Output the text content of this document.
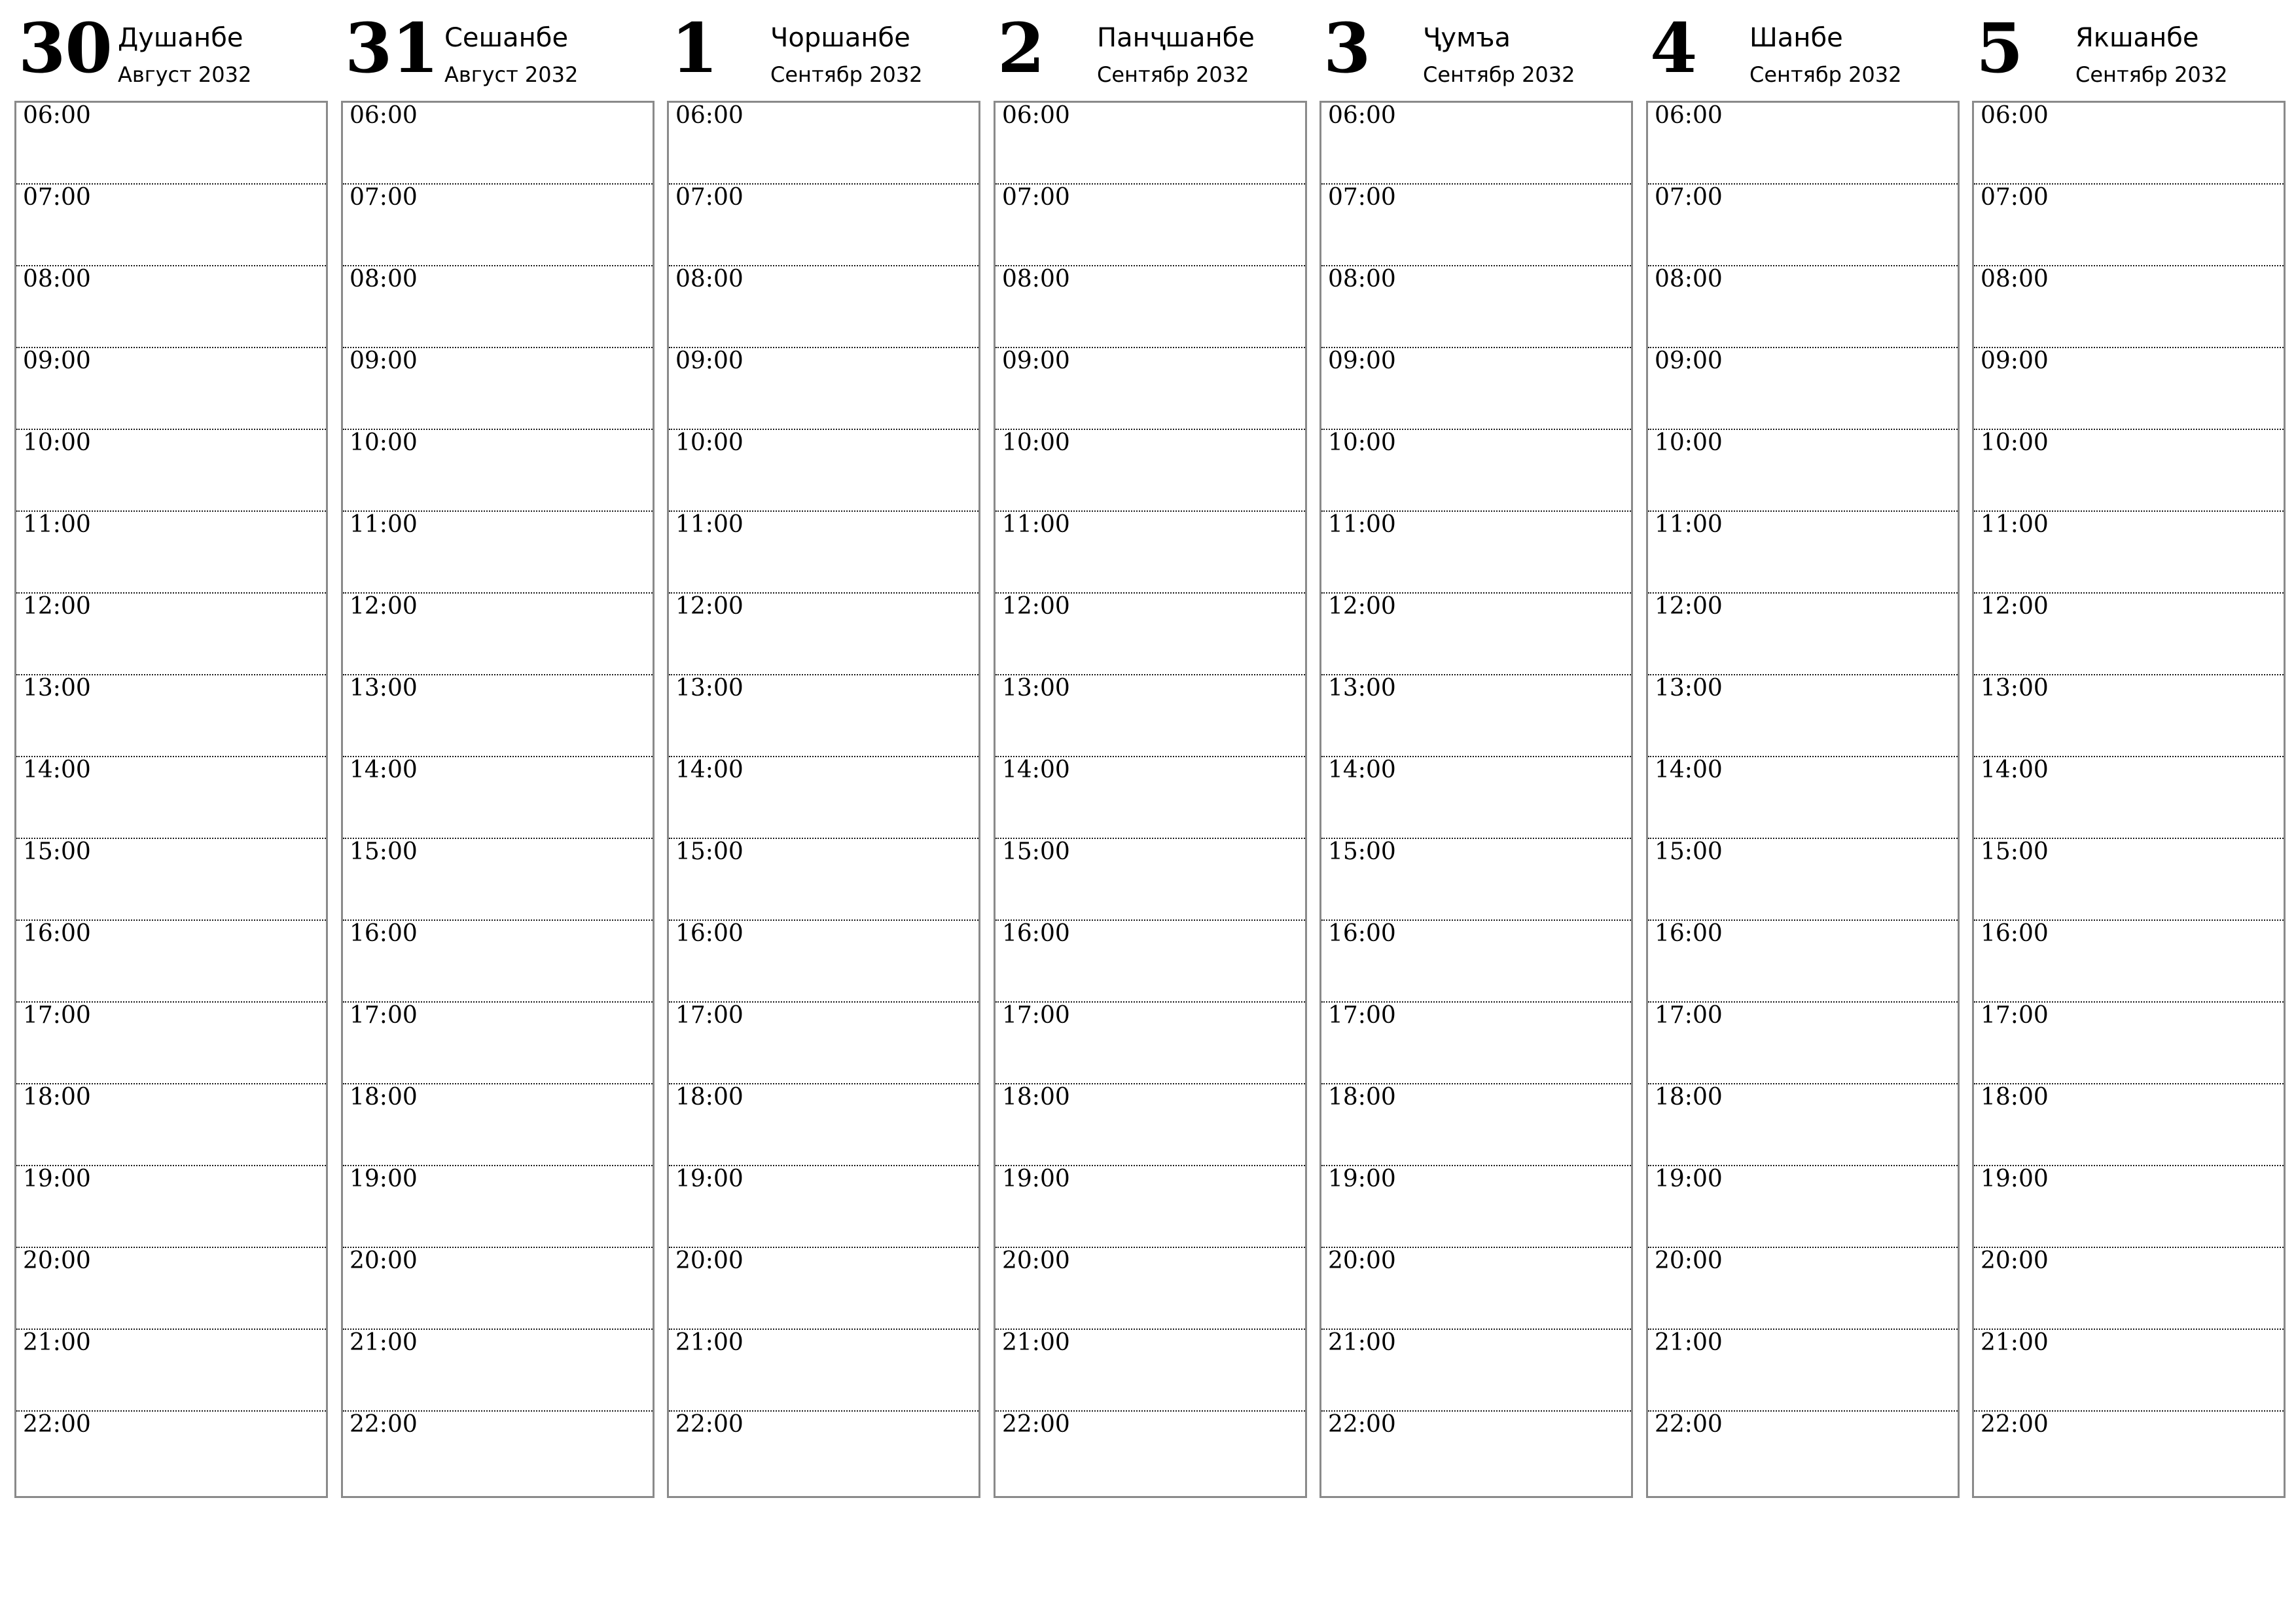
30 Душанбе
Август 2032
06:00
07:00
08:00
09:00
10:00
11:00
12:00
13:00
14:00
15:00
16:00
17:00
18:00
19:00
20:00
21:00
22:00
31 Сешанбе
Август 2032
06:00
07:00
08:00
09:00
10:00
11:00
12:00
13:00
14:00
15:00
16:00
17:00
18:00
19:00
20:00
21:00
22:00
1 Чоршанбе
Сентябр 2032
06:00
07:00
08:00
09:00
10:00
11:00
12:00
13:00
14:00
15:00
16:00
17:00
18:00
19:00
20:00
21:00
22:00
2 Панҷшанбе
Сентябр 2032
06:00
07:00
08:00
09:00
10:00
11:00
12:00
13:00
14:00
15:00
16:00
17:00
18:00
19:00
20:00
21:00
22:00
3 Ҷумъа
Сентябр 2032
06:00
07:00
08:00
09:00
10:00
11:00
12:00
13:00
14:00
15:00
16:00
17:00
18:00
19:00
20:00
21:00
22:00
4 Шанбе
Сентябр 2032
06:00
07:00
08:00
09:00
10:00
11:00
12:00
13:00
14:00
15:00
16:00
17:00
18:00
19:00
20:00
21:00
22:00
5 Якшанбе
Сентябр 2032
06:00
07:00
08:00
09:00
10:00
11:00
12:00
13:00
14:00
15:00
16:00
17:00
18:00
19:00
20:00
21:00
22:00
